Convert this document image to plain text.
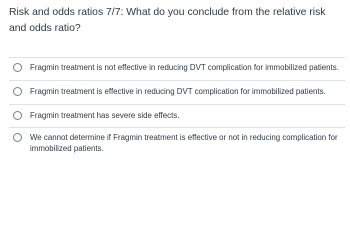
Risk and odds ratios 7/7: What do you conclude from the relative risk and odds ratio?

Fragmin treatment is not effective in reducing DVT complication for immobilized patients.
Fragmin treatment is effective in reducing DVT complication for immobilized patients.
Fragmin treatment has severe side effects.
We cannot determine if Fragmin treatment is effective or not in reducing complication for immobilized patients.
